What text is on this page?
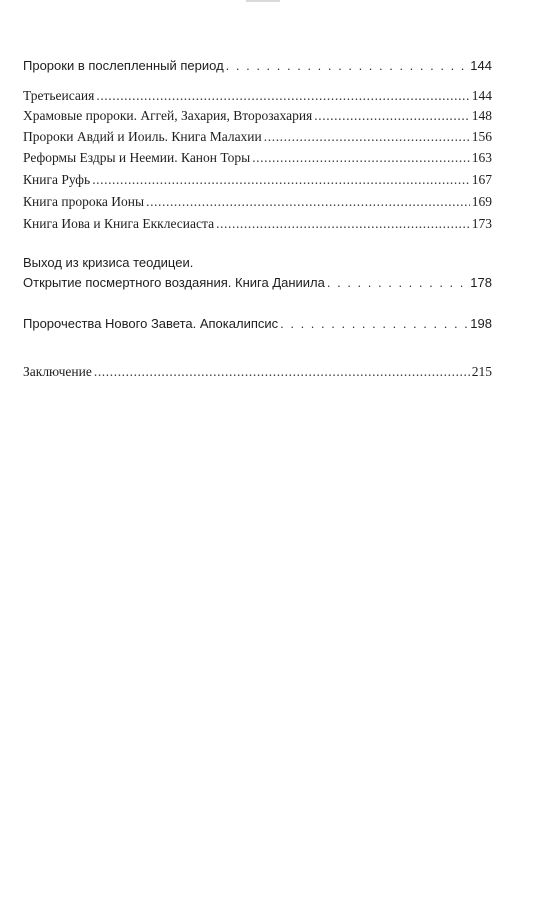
Пророки в послепленный период . . .	144
Третьеисаия .....	144
Храмовые пророки. Аггей, Захария, Второзахария .....	148
Пророки Авдий и Иоиль. Книга Малахии .....	156
Реформы Ездры и Неемии. Канон Торы .....	163
Книга Руфь .....	167
Книга пророка Ионы .....	169
Книга Иова и Книга Екклесиаста .....	173
Выход из кризиса теодицеи.
Открытие посмертного воздаяния. Книга Даниила . . .	178
Пророчества Нового Завета. Апокалипсис . . .	198
Заключение .....	215
